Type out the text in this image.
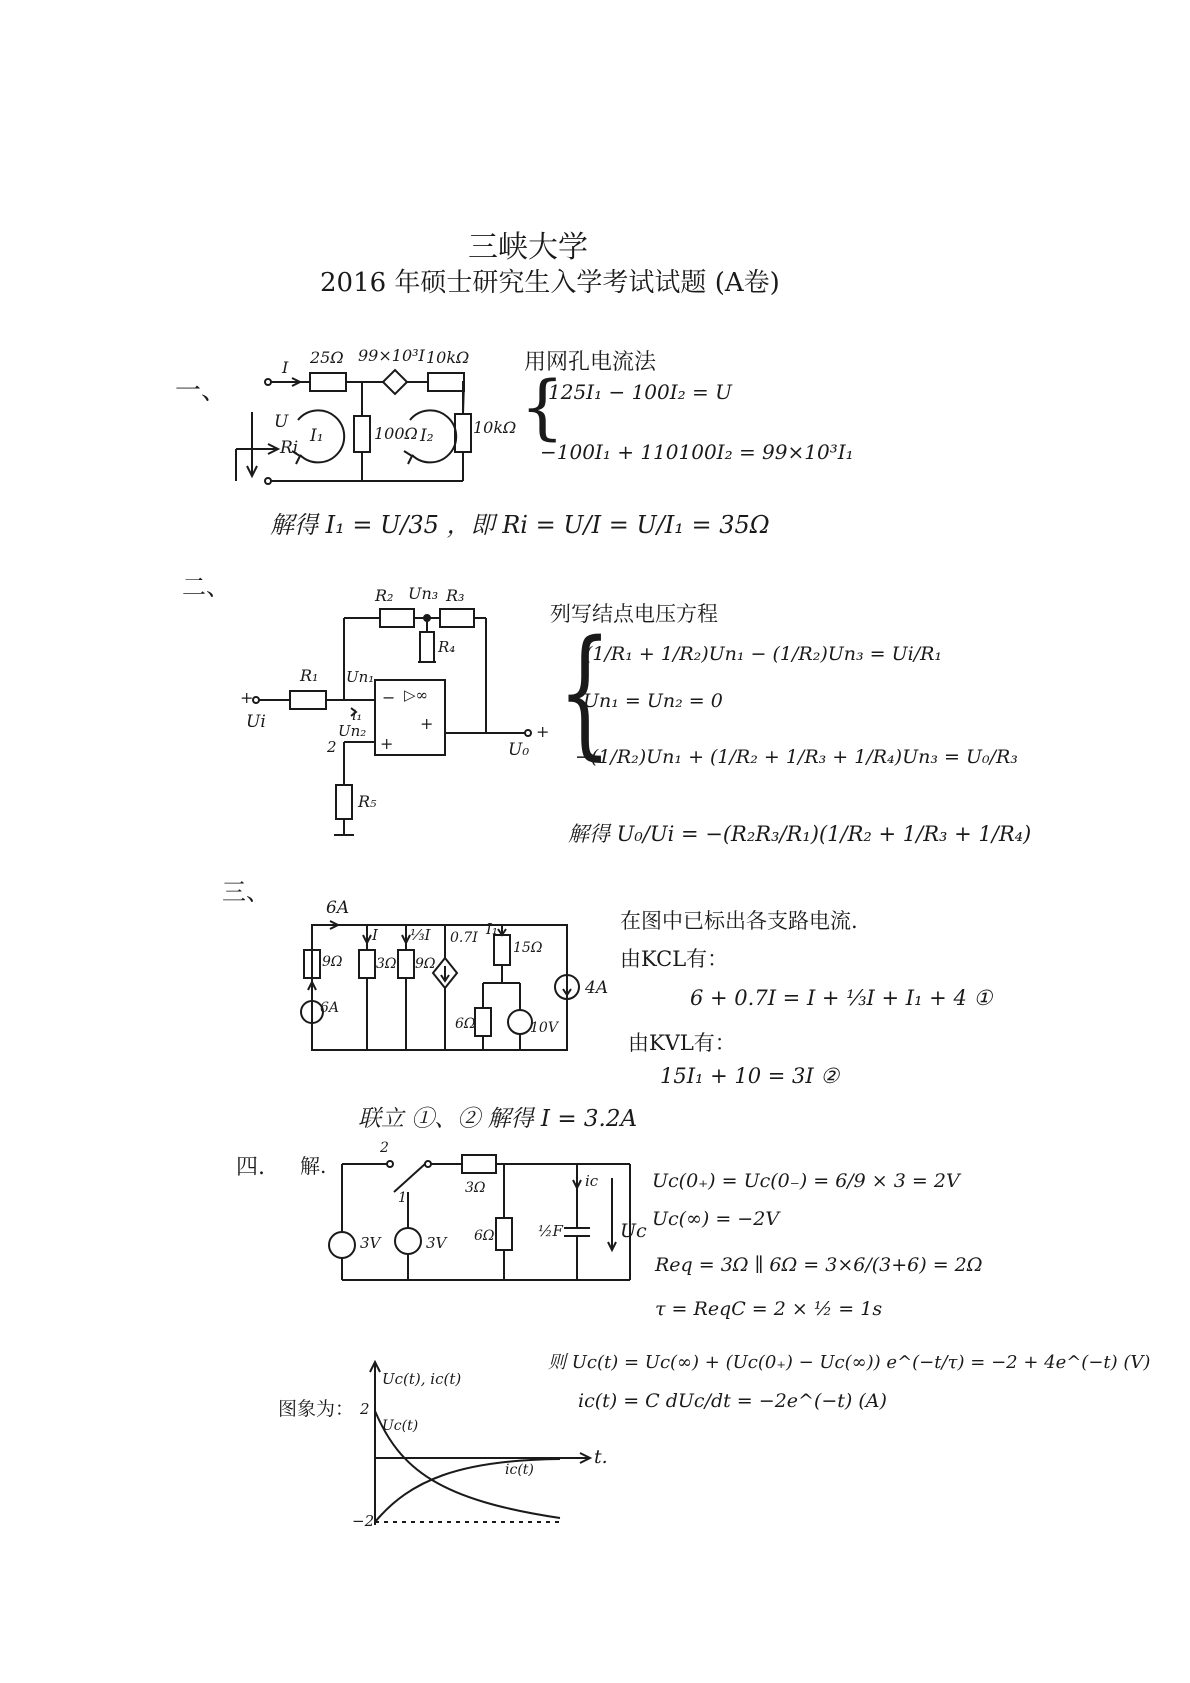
三峡大学
2016 年硕士研究生入学考试试题 (A卷)
一、
I
25Ω 99×10³I 10kΩ
U
Ri
I₁	100Ω I₂ 10kΩ
用网孔电流法
{
125I₁ − 100I₂ = U
−100I₁ + 110100I₂ = 99×10³I₁
解得 I₁ = U/35 ，即 Ri = U/I = U/I₁ = 35Ω
二、	R₂ Un₃ R₃
R₄
R₁ Un₁
i₁
+
Ui
− ▷∞
+
+
2
Un₂
R₅
+
U₀
列写结点电压方程
{
(1/R₁ + 1/R₂)Un₁ − (1/R₂)Un₃ = Ui/R₁
Un₁ = Un₂ = 0
−(1/R₂)Un₁ + (1/R₂ + 1/R₃ + 1/R₄)Un₃ = U₀/R₃
解得 U₀/Ui = −(R₂R₃/R₁)(1/R₂ + 1/R₃ + 1/R₄)
三、
6A
9Ω
6A
I
3Ω
⅓I
9Ω
0.7I I₁
15Ω
6Ω	10V
4A
在图中已标出各支路电流.
由KCL有：
6 + 0.7I = I + ⅓I + I₁ + 4 ①
由KVL有：
15I₁ + 10 = 3I ②
联立 ①、② 解得 I = 3.2A
四. 解.
2
1
3Ω
3V	3V 6Ω	½F
ic
Uc
Uc(0₊) = Uc(0₋) = 6/9 × 3 = 2V
Uc(∞) = −2V
Req = 3Ω ∥ 6Ω = 3×6/(3+6) = 2Ω
τ = ReqC = 2 × ½ = 1s
则 Uc(t) = Uc(∞) + (Uc(0₊) − Uc(∞)) e^(−t/τ) = −2 + 4e^(−t) (V)
ic(t) = C dUc/dt = −2e^(−t) (A)
图象为：
Uc(t), ic(t)
2
−2
Uc(t)
ic(t)
t.
